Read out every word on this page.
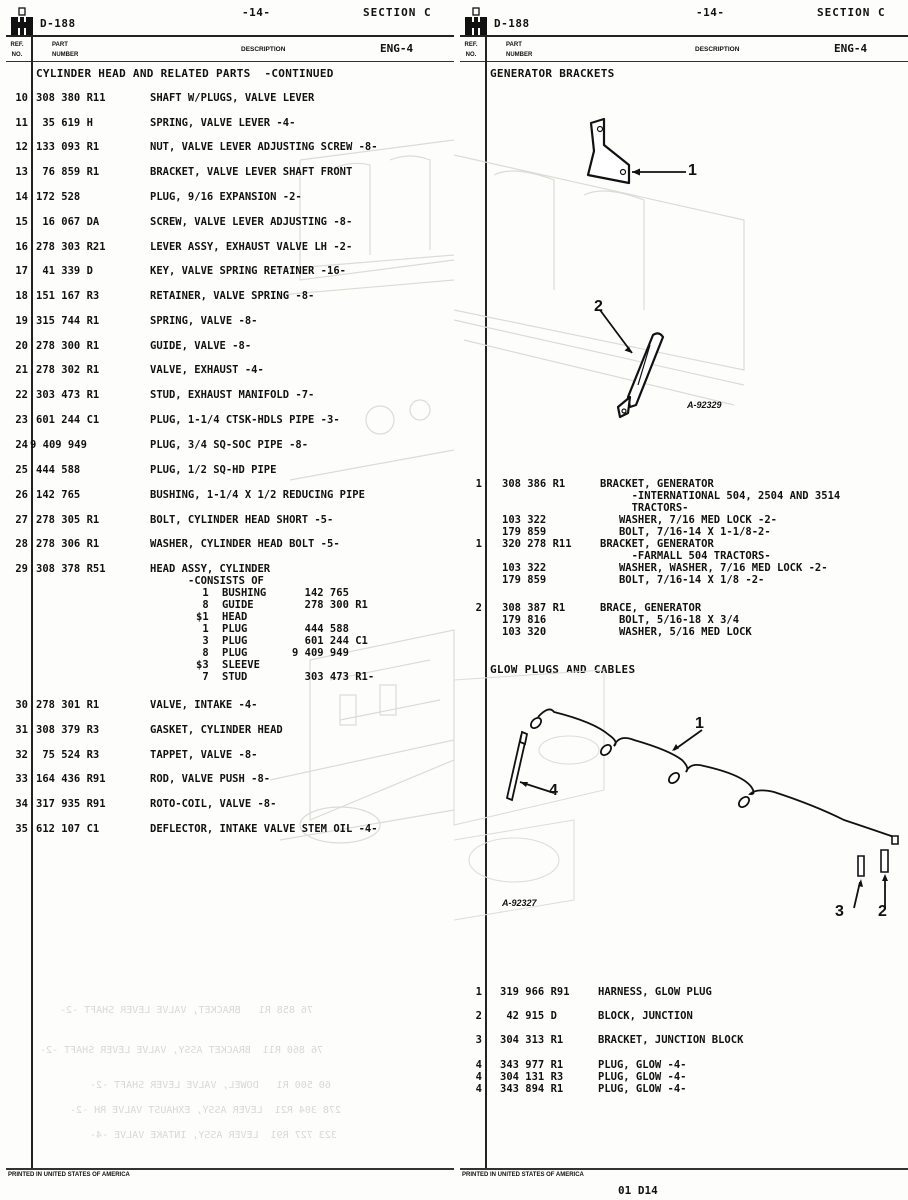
D-188
-14-	SECTION C
REF.
NO.
PART
NUMBER
DESCRIPTION	ENG-4
76 858 R1   BRACKET, VALVE LEVER SHAFT -2-
76 860 R11  BRACKET ASSY, VALVE LEVER SHAFT -2-
60 500 R1   DOWEL, VALVE LEVER SHAFT -2-
278 304 R21  LEVER ASSY, EXHAUST VALVE RH -2-
323 727 R91  LEVER ASSY, INTAKE VALVE -4-
CYLINDER HEAD AND RELATED PARTS  -CONTINUED
10 308 380 R11	SHAFT W/PLUGS, VALVE LEVER
11 35 619 H	SPRING, VALVE LEVER -4-
12 133 093 R1	NUT, VALVE LEVER ADJUSTING SCREW -8-
13 76 859 R1	BRACKET, VALVE LEVER SHAFT FRONT
14 172 528	PLUG, 9/16 EXPANSION -2-
15 16 067 DA	SCREW, VALVE LEVER ADJUSTING -8-
16 278 303 R21	LEVER ASSY, EXHAUST VALVE LH -2-
17 41 339 D	KEY, VALVE SPRING RETAINER -16-
18 151 167 R3	RETAINER, VALVE SPRING -8-
19 315 744 R1	SPRING, VALVE -8-
20 278 300 R1	GUIDE, VALVE -8-
21 278 302 R1	VALVE, EXHAUST -4-
22 303 473 R1	STUD, EXHAUST MANIFOLD -7-
23 601 244 C1	PLUG, 1-1/4 CTSK-HDLS PIPE -3-
24 9 409 949	PLUG, 3/4 SQ-SOC PIPE -8-
25 444 588	PLUG, 1/2 SQ-HD PIPE
26 142 765	BUSHING, 1-1/4 X 1/2 REDUCING PIPE
27 278 305 R1	BOLT, CYLINDER HEAD SHORT -5-
28 278 306 R1	WASHER, CYLINDER HEAD BOLT -5-
29 308 378 R51	HEAD ASSY, CYLINDER
-CONSISTS OF
1 BUSHING 142 765
8 GUIDE	278 300 R1
$1 HEAD
1 PLUG	444 588
3 PLUG	601 244 C1
8 PLUG	9 409 949
$3 SLEEVE
7 STUD	303 473 R1-
30 278 301 R1	VALVE, INTAKE -4-
31 308 379 R3	GASKET, CYLINDER HEAD
32 75 524 R3	TAPPET, VALVE -8-
33 164 436 R91	ROD, VALVE PUSH -8-
34 317 935 R91	ROTO-COIL, VALVE -8-
35 612 107 C1	DEFLECTOR, INTAKE VALVE STEM OIL -4-
PRINTED IN UNITED STATES OF AMERICA
D-188
-14-	SECTION C
REF.
NO.
PART
NUMBER
DESCRIPTION	ENG-4
GENERATOR BRACKETS
1
2
A-92329
1 308 386 R1	BRACKET, GENERATOR
-INTERNATIONAL 504, 2504 AND 3514
TRACTORS-
103 322	WASHER, 7/16 MED LOCK -2-
179 859	BOLT, 7/16-14 X 1-1/8-2-
1 320 278 R11	BRACKET, GENERATOR
-FARMALL 504 TRACTORS-
103 322	WASHER, WASHER, 7/16 MED LOCK -2-
179 859	BOLT, 7/16-14 X 1/8 -2-
2 308 387 R1	BRACE, GENERATOR
179 816	BOLT, 5/16-18 X 3/4
103 320	WASHER, 5/16 MED LOCK
GLOW PLUGS AND CABLES
1
4
3 2
A-92327
1 319 966 R91	HARNESS, GLOW PLUG
2 42 915 D	BLOCK, JUNCTION
3 304 313 R1	BRACKET, JUNCTION BLOCK
4 343 977 R1	PLUG, GLOW -4-
4 304 131 R3	PLUG, GLOW -4-
4 343 894 R1	PLUG, GLOW -4-
PRINTED IN UNITED STATES OF AMERICA
01 D14
